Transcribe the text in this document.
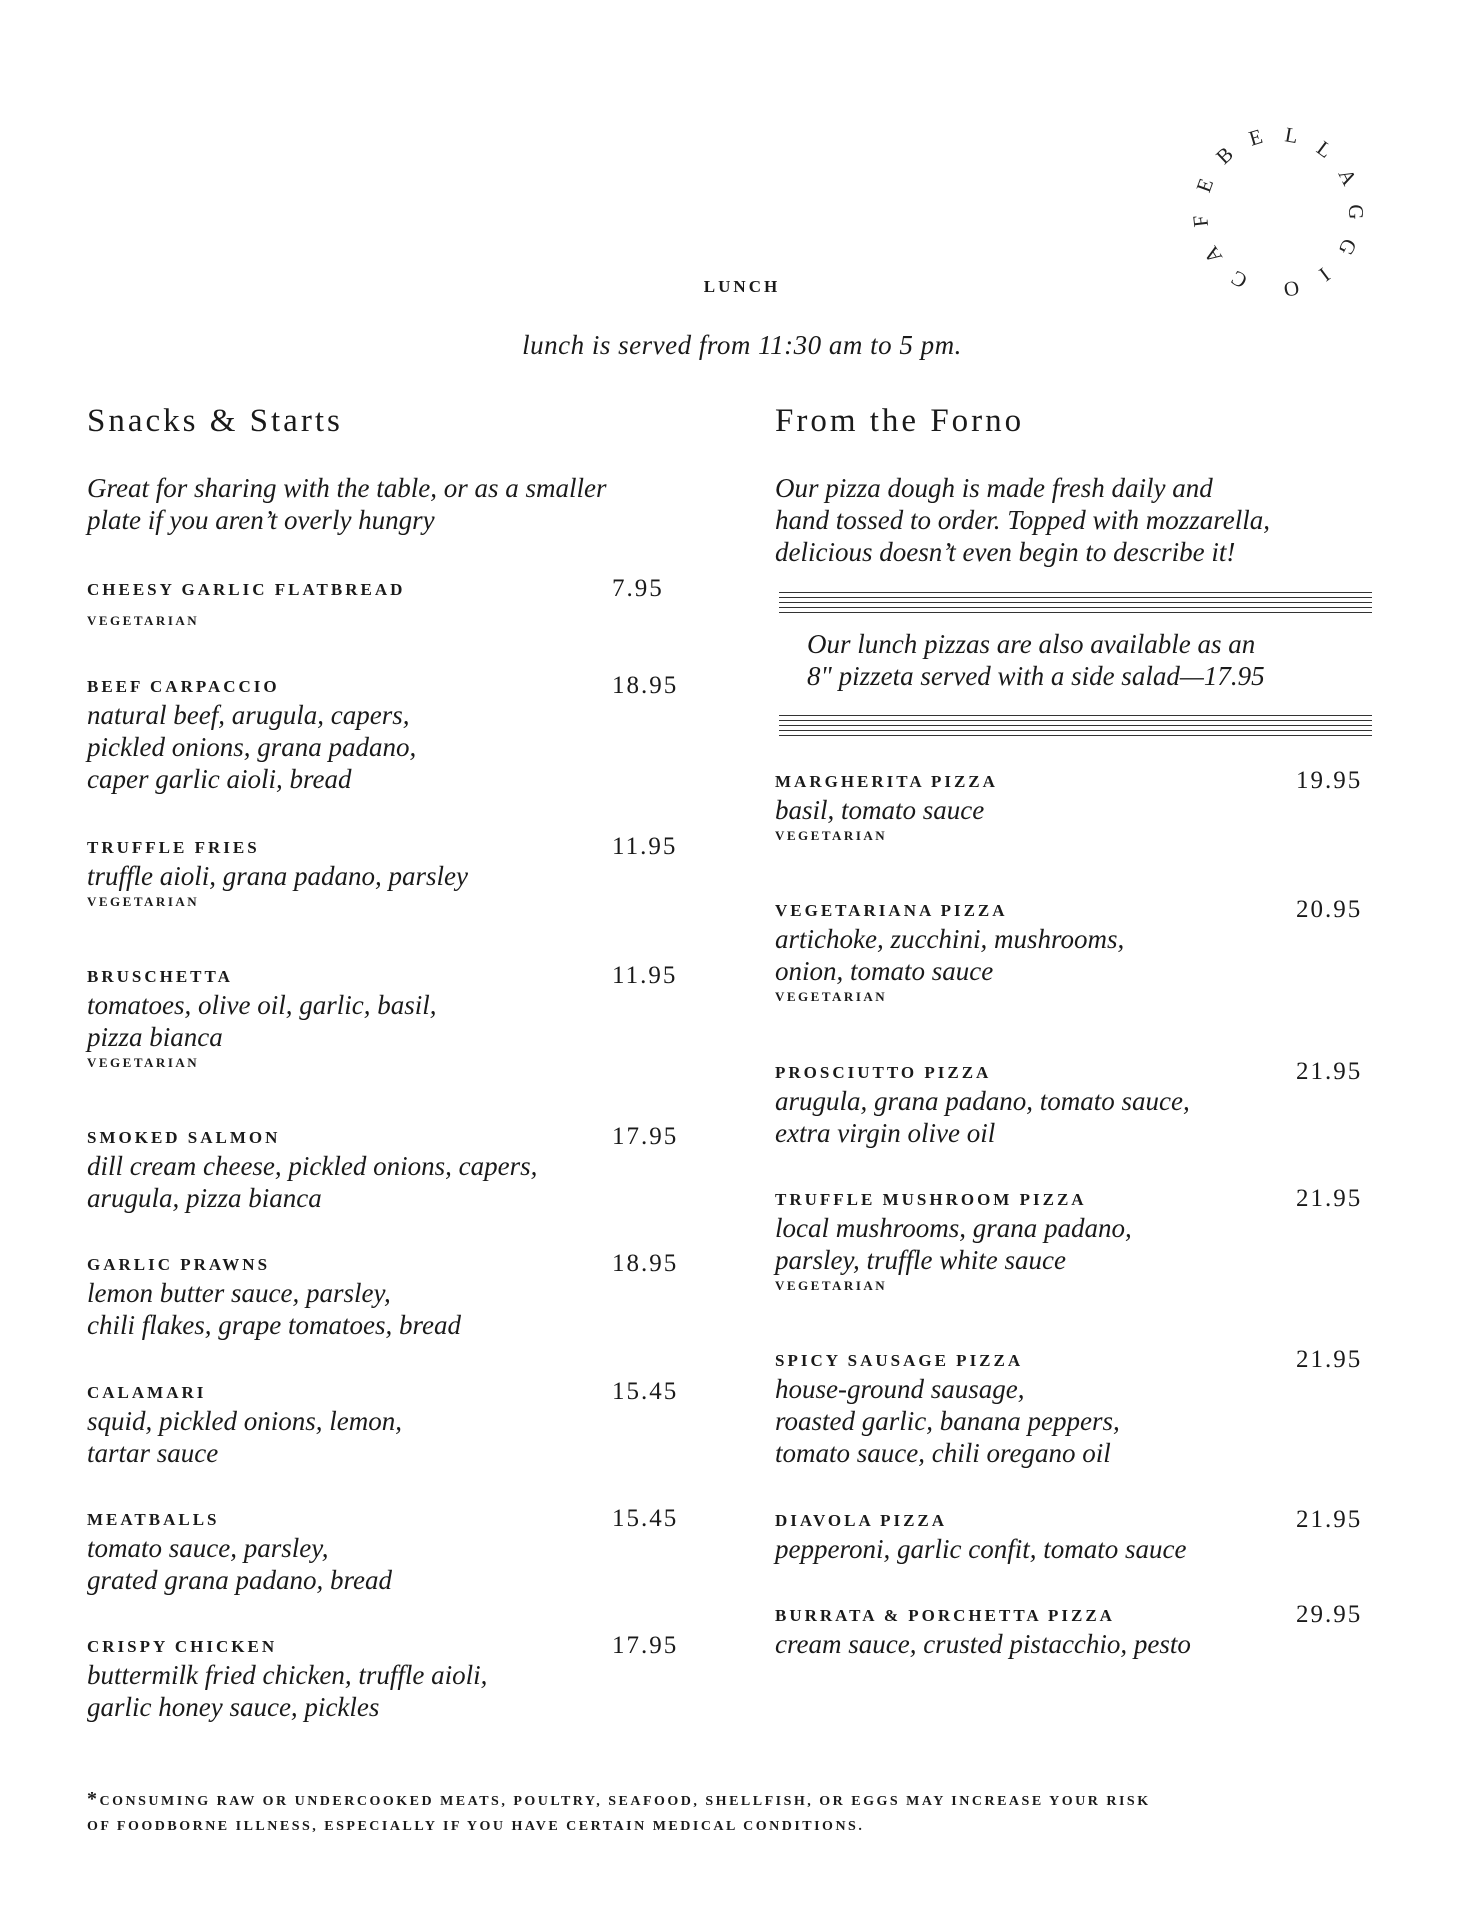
C
A
F
E
B
E L
L
A
G
G
I
O
LUNCH
lunch is served from 11:30 am to 5 pm.
Snacks & Starts
Great for sharing with the table, or as a smaller
plate if you aren’t overly hungry
CHEESY GARLIC FLATBREAD	7.95
VEGETARIAN
BEEF CARPACCIO	18.95
natural beef, arugula, capers,
pickled onions, grana padano,
caper garlic aioli, bread
TRUFFLE FRIES	11.95
truffle aioli, grana padano, parsley
VEGETARIAN
BRUSCHETTA	11.95
tomatoes, olive oil, garlic, basil,
pizza bianca
VEGETARIAN
SMOKED SALMON	17.95
dill cream cheese, pickled onions, capers,
arugula, pizza bianca
GARLIC PRAWNS	18.95
lemon butter sauce, parsley,
chili flakes, grape tomatoes, bread
CALAMARI	15.45
squid, pickled onions, lemon,
tartar sauce
MEATBALLS	15.45
tomato sauce, parsley,
grated grana padano, bread
CRISPY CHICKEN	17.95
buttermilk fried chicken, truffle aioli,
garlic honey sauce, pickles
From the Forno
Our pizza dough is made fresh daily and
hand tossed to order. Topped with mozzarella,
delicious doesn’t even begin to describe it!
Our lunch pizzas are also available as an
8" pizzeta served with a side salad—17.95
MARGHERITA PIZZA	19.95
basil, tomato sauce
VEGETARIAN
VEGETARIANA PIZZA	20.95
artichoke, zucchini, mushrooms,
onion, tomato sauce
VEGETARIAN
PROSCIUTTO PIZZA	21.95
arugula, grana padano, tomato sauce,
extra virgin olive oil
TRUFFLE MUSHROOM PIZZA	21.95
local mushrooms, grana padano,
parsley, truffle white sauce
VEGETARIAN
SPICY SAUSAGE PIZZA	21.95
house-ground sausage,
roasted garlic, banana peppers,
tomato sauce, chili oregano oil
DIAVOLA PIZZA	21.95
pepperoni, garlic confit, tomato sauce
BURRATA & PORCHETTA PIZZA	29.95
cream sauce, crusted pistacchio, pesto
*CONSUMING RAW OR UNDERCOOKED MEATS, POULTRY, SEAFOOD, SHELLFISH, OR EGGS MAY INCREASE YOUR RISK
OF FOODBORNE ILLNESS, ESPECIALLY IF YOU HAVE CERTAIN MEDICAL CONDITIONS.
